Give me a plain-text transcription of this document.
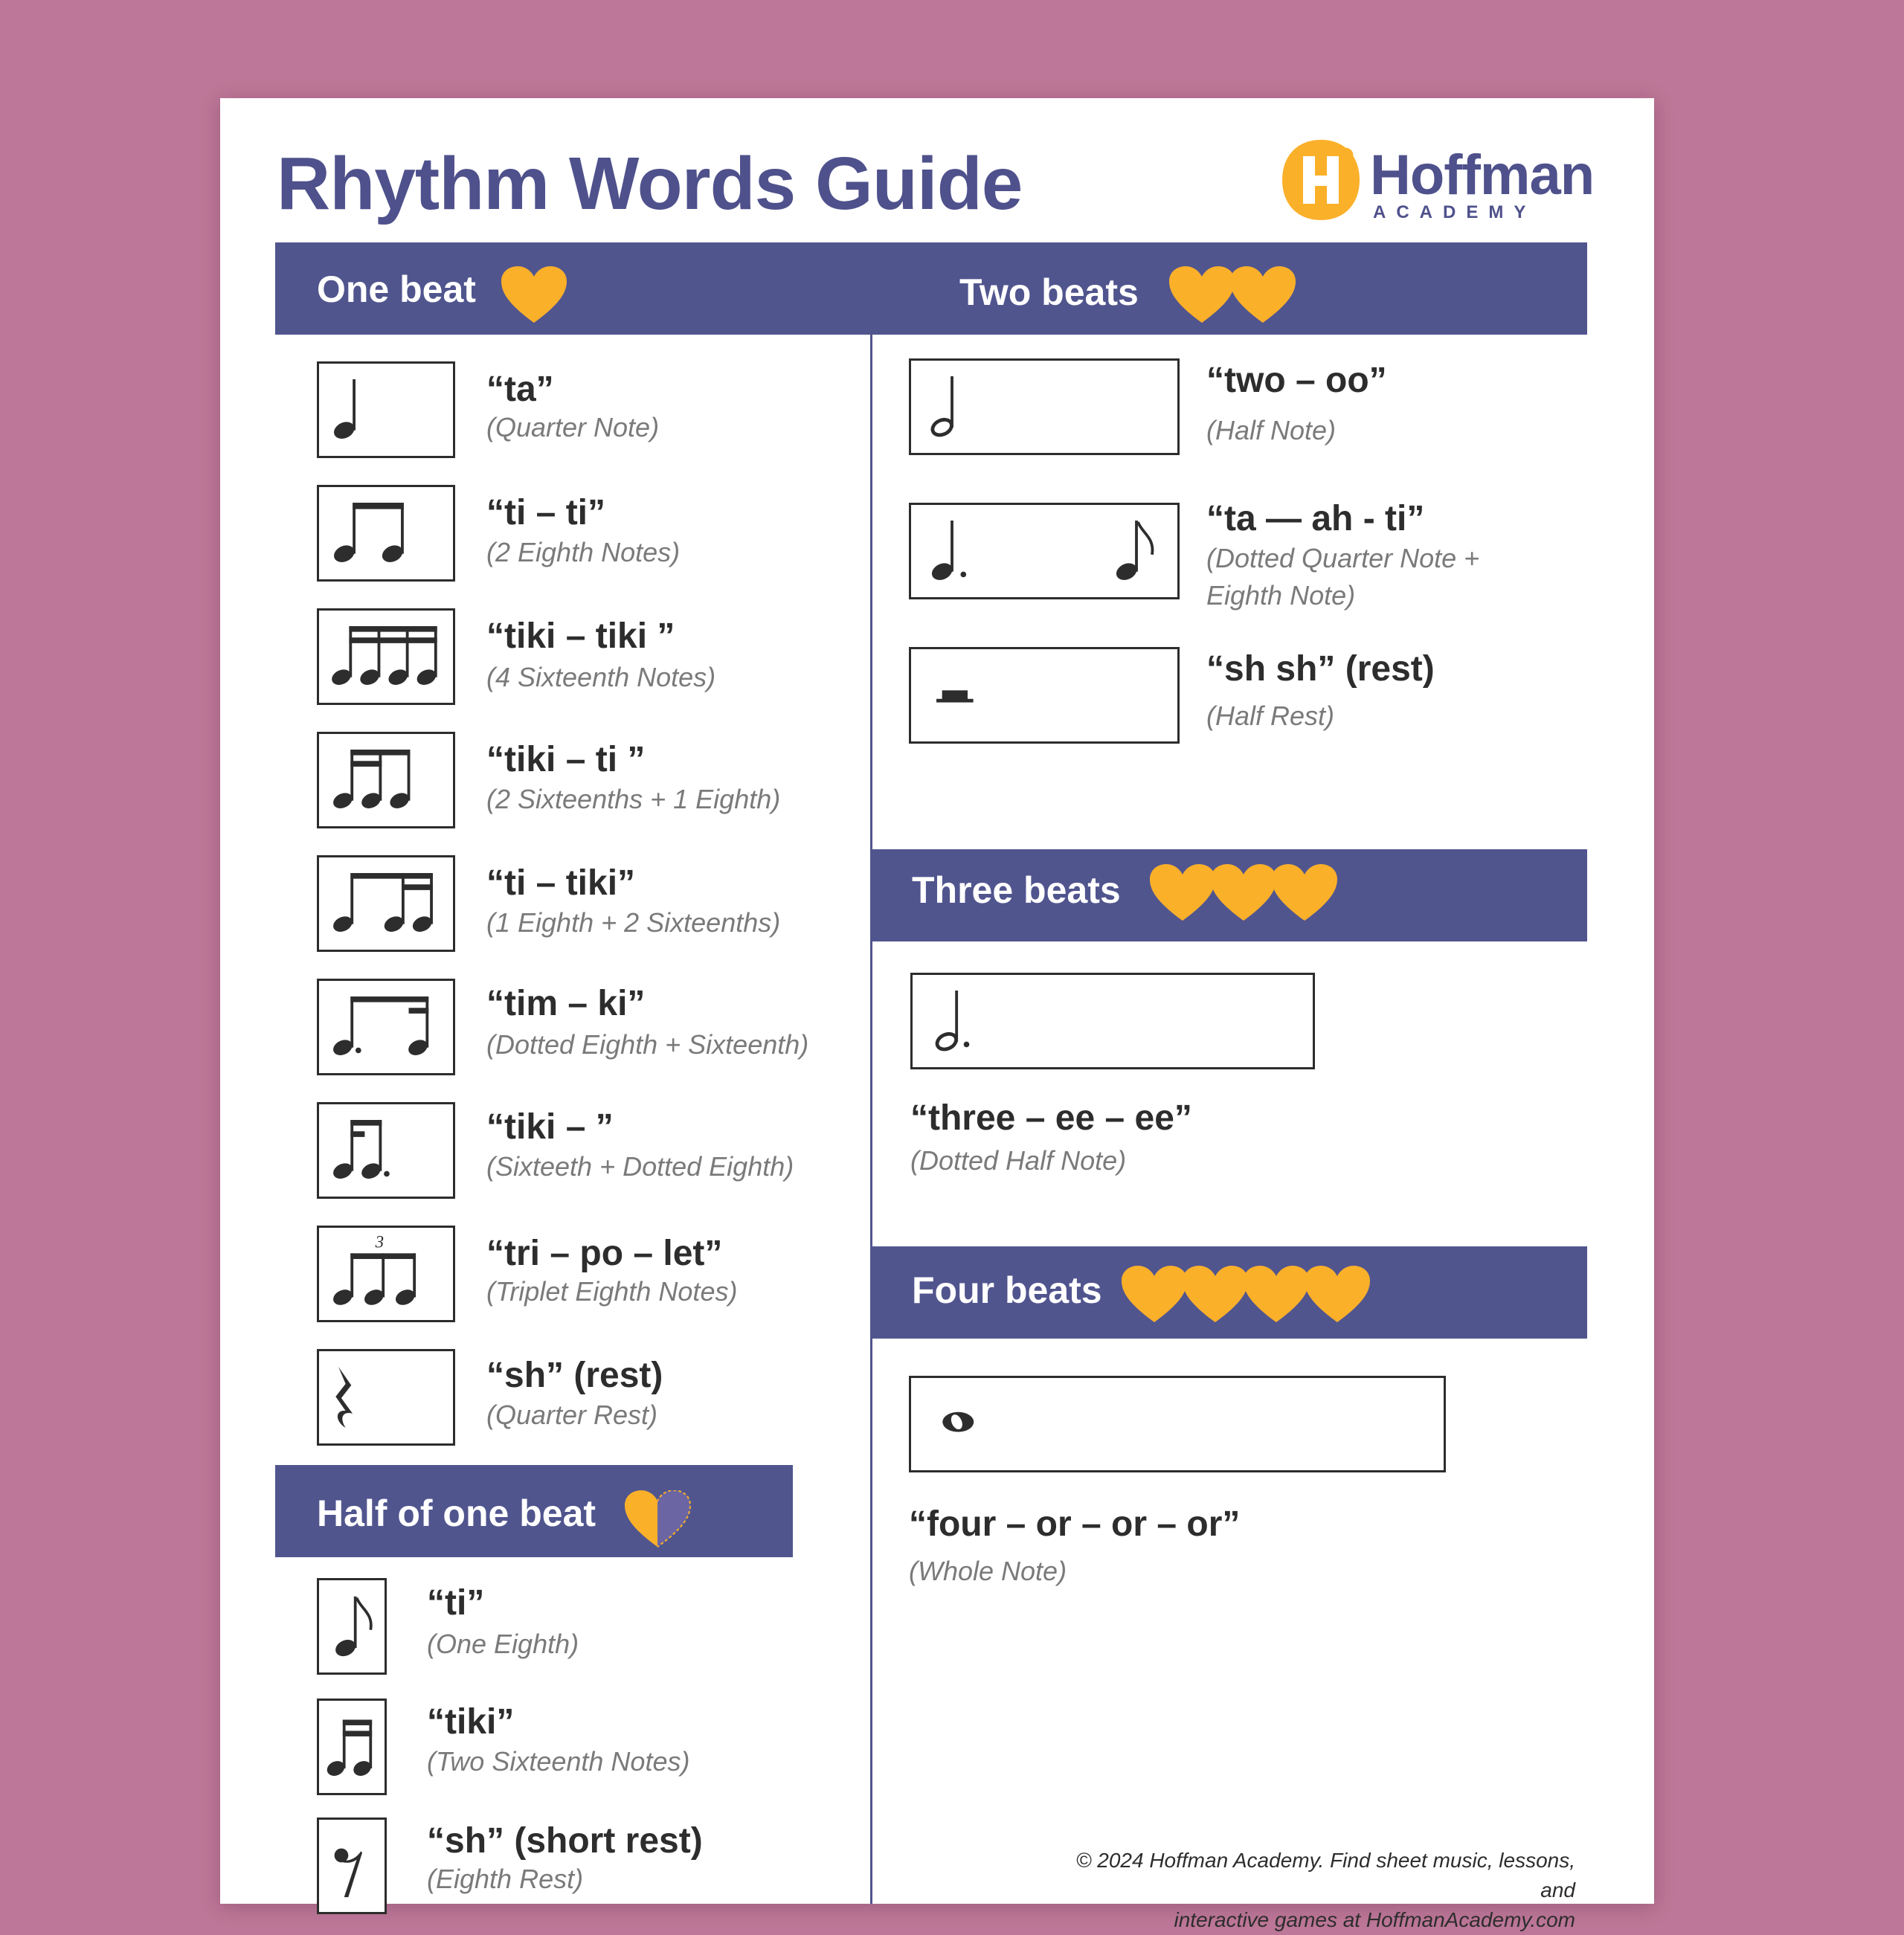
Rhythm Words Guide	Hoffman
ACADEMY
One beat	Two beats
“ta”
(Quarter Note)
“ti – ti”
(2 Eighth Notes)
“tiki – tiki ”
(4 Sixteenth Notes)
“tiki – ti ”
(2 Sixteenths + 1 Eighth)
“ti – tiki”
(1 Eighth + 2 Sixteenths)
“tim – ki”
(Dotted Eighth + Sixteenth)
“tiki – ”
(Sixteeth + Dotted Eighth)
3	“tri – po – let”
(Triplet Eighth Notes)
“sh” (rest)
(Quarter Rest)
Half of one beat
“ti”
(One Eighth)
“tiki”
(Two Sixteenth Notes)
“sh” (short rest)
(Eighth Rest)
“two – oo”
(Half Note)
“ta — ah - ti”
(Dotted Quarter Note + Eighth Note)
“sh sh” (rest)
(Half Rest)
Three beats
“three – ee – ee”
(Dotted Half Note)
Four beats
“four – or – or – or”
(Whole Note)
© 2024 Hoffman Academy. Find sheet music, lessons, and
interactive games at HoffmanAcademy.com
